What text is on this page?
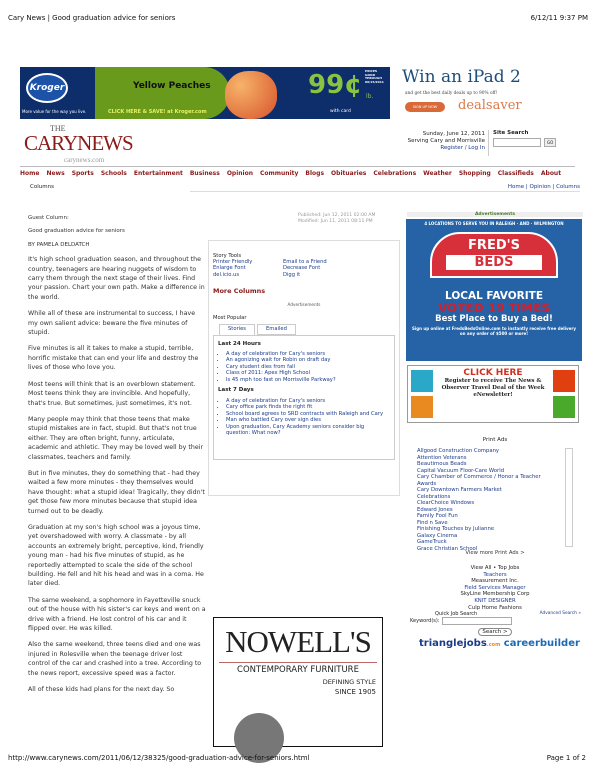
Cary News | Good graduation advice for seniors	6/12/11 9:37 PM
Kroger
More value for the way you live.
Yellow Peaches
CLICK HERE & SAVE! at Kroger.com
99¢ lb.
with card
PRICES GOOD THROUGH 06/15/2011 Win an iPad 2
and get the best daily deals up to 90% off!
SIGN UP NOW	dealsaver
THE
CARYNEWS
carynews.com
Sunday, June 12, 2011
Serving Cary and Morrisville
Register / Log In
Site Search
GO
Home News Sports Schools Entertainment Business Opinion Community Blogs Obituaries Celebrations Weather Shopping Classifieds About
Columns	Home | Opinion | Columns
Guest Column:
Good graduation advice for seniors
BY PAMELA DELDATCH

It's high school graduation season, and throughout the country, teenagers are hearing nuggets of wisdom to carry them through the next stage of their lives. Find your passion. Chart your own path. Make a difference in the world.

While all of these are instrumental to success, I have my own salient advice: beware the five minutes of stupid.

Five minutes is all it takes to make a stupid, terrible, horrific mistake that can end your life and destroy the lives of those who love you.

Most teens will think that is an overblown statement. Most teens think they are invincible. And hopefully, that's true. But sometimes, just sometimes, it's not.

Many people may think that those teens that make stupid mistakes are in fact, stupid. But that's not true either. They are often bright, funny, articulate, academic and athletic. They may be loved well by their classmates, teachers and family.

But in five minutes, they do something that - had they waited a few more minutes - they themselves would have thought: what a stupid idea! Tragically, they didn't get those few more minutes because that stupid idea turned out to be deadly.

Graduation at my son's high school was a joyous time, yet overshadowed with worry. A classmate - by all accounts an extremely bright, perceptive, kind, friendly young man - had his five minutes of stupid, as he reportedly attempted to scale the side of the school building. He fell and hit his head and was in a coma. He later died.

The same weekend, a sophomore in Fayetteville snuck out of the house with his sister's car keys and went on a drive with a friend. He lost control of his car and it flipped over. He was killed.

Also the same weekend, three teens died and one was injured in Rolesville when the teenage driver lost control of the car and crashed into a tree. According to the news report, excessive speed was a factor.

All of these kids had plans for the next day. So

Published: Jun 12, 2011 02:00 AM
Modified: Jun 11, 2011 08:11 PM
Story Tools
Printer Friendly	Email to a Friend
Enlarge Font	Decrease Font
del.icio.us	Digg it
More Columns
Advertisements
Most Popular
Stories	Emailed
Last 24 Hours
• A day of celebration for Cary's seniors
• An agonizing wait for Robin on draft day
• Cary student dies from fall
• Class of 2011: Apex High School
• Is 45 mph too fast on Morrisville Parkway?
Last 7 Days
• A day of celebration for Cary's seniors
• Cary office park finds the right fit
• School board agrees to SRD contracts with Raleigh and Cary
• Man who battled Cary over sign dies
• Upon graduation, Cary Academy seniors consider big question: What now?
NOWELL'S
CONTEMPORARY FURNITURE
DEFINING STYLE
SINCE 1905
Advertisements
4 LOCATIONS TO SERVE YOU IN RALEIGH · AND · WILMINGTON
FRED'S
BEDS
LOCAL FAVORITE
VOTED 19 TIMES
Best Place to Buy a Bed!
Sign up online at FredsBedsOnline.com to instantly receive free delivery on any order of $500 or more!
CLICK HERE
Register to receive The News & Observer Travel Deal of the Week eNewsletter!
Print Ads
Allgood Construction Company
Attention Veterans
Beautimous Beads
Capital Vacuum Floor-Care World
Cary Chamber of Commerce / Honor a Teacher Awards
Cary Downtown Farmers Market
Celebrations
ClearChoice Windows
Edward Jones
Family Fool Fun
Find n Save
Finishing Touches by Julianne
Galaxy Cinema
GameTruck
Grace Christian School
View more Print Ads >
View All • Top Jobs
Teachers
Measurement Inc.
Field Services Manager
SkyLine Membership Corp
KNIT DESIGNER
Culp Home Fashions
Quick Job Search	Advanced Search »
Keyword(s):
Search >
trianglejobs.com careerbuilder
http://www.carynews.com/2011/06/12/38325/good-graduation-advice-for-seniors.html	Page 1 of 2
